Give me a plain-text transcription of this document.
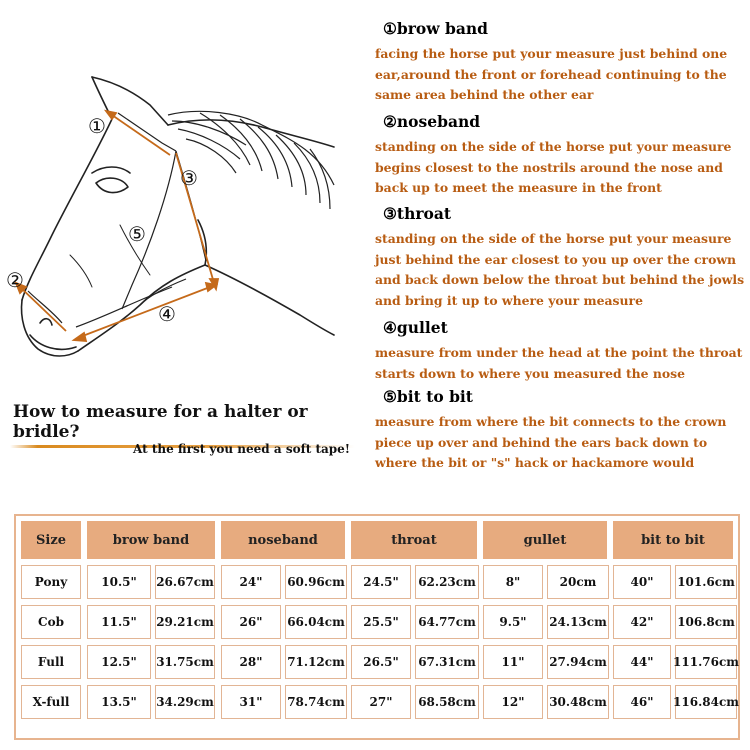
①
②
③
④
⑤
How to measure for a halter or bridle?
At the first you need a soft tape!
①brow band
facing the horse put your measure just behind one ear,around the front or forehead continuing to the same area behind the other ear
②noseband
standing on the side of the horse put your measure begins closest to the nostrils around the nose and back up to meet the measure in the front
③throat
standing on the side of the horse put your measure just behind the ear closest to you up over the crown and back down below the throat but behind the jowls and bring it up to where your measure
④gullet
measure from under the head at the point the throat starts down to where you measured the nose
⑤bit to bit
measure from where the bit connects to the crown piece up over and behind the ears back down to where the bit or "s" hack or hackamore would
Size	brow band	noseband	throat	gullet	bit to bit
Pony	10.5"	26.67cm	24"	60.96cm	24.5"	62.23cm	8"	20cm	40"	101.6cm
Cob	11.5"	29.21cm	26"	66.04cm	25.5"	64.77cm	9.5"	24.13cm	42"	106.8cm
Full	12.5"	31.75cm	28"	71.12cm	26.5"	67.31cm	11"	27.94cm	44"	111.76cm
X-full	13.5"	34.29cm	31"	78.74cm	27"	68.58cm	12"	30.48cm	46"	116.84cm
